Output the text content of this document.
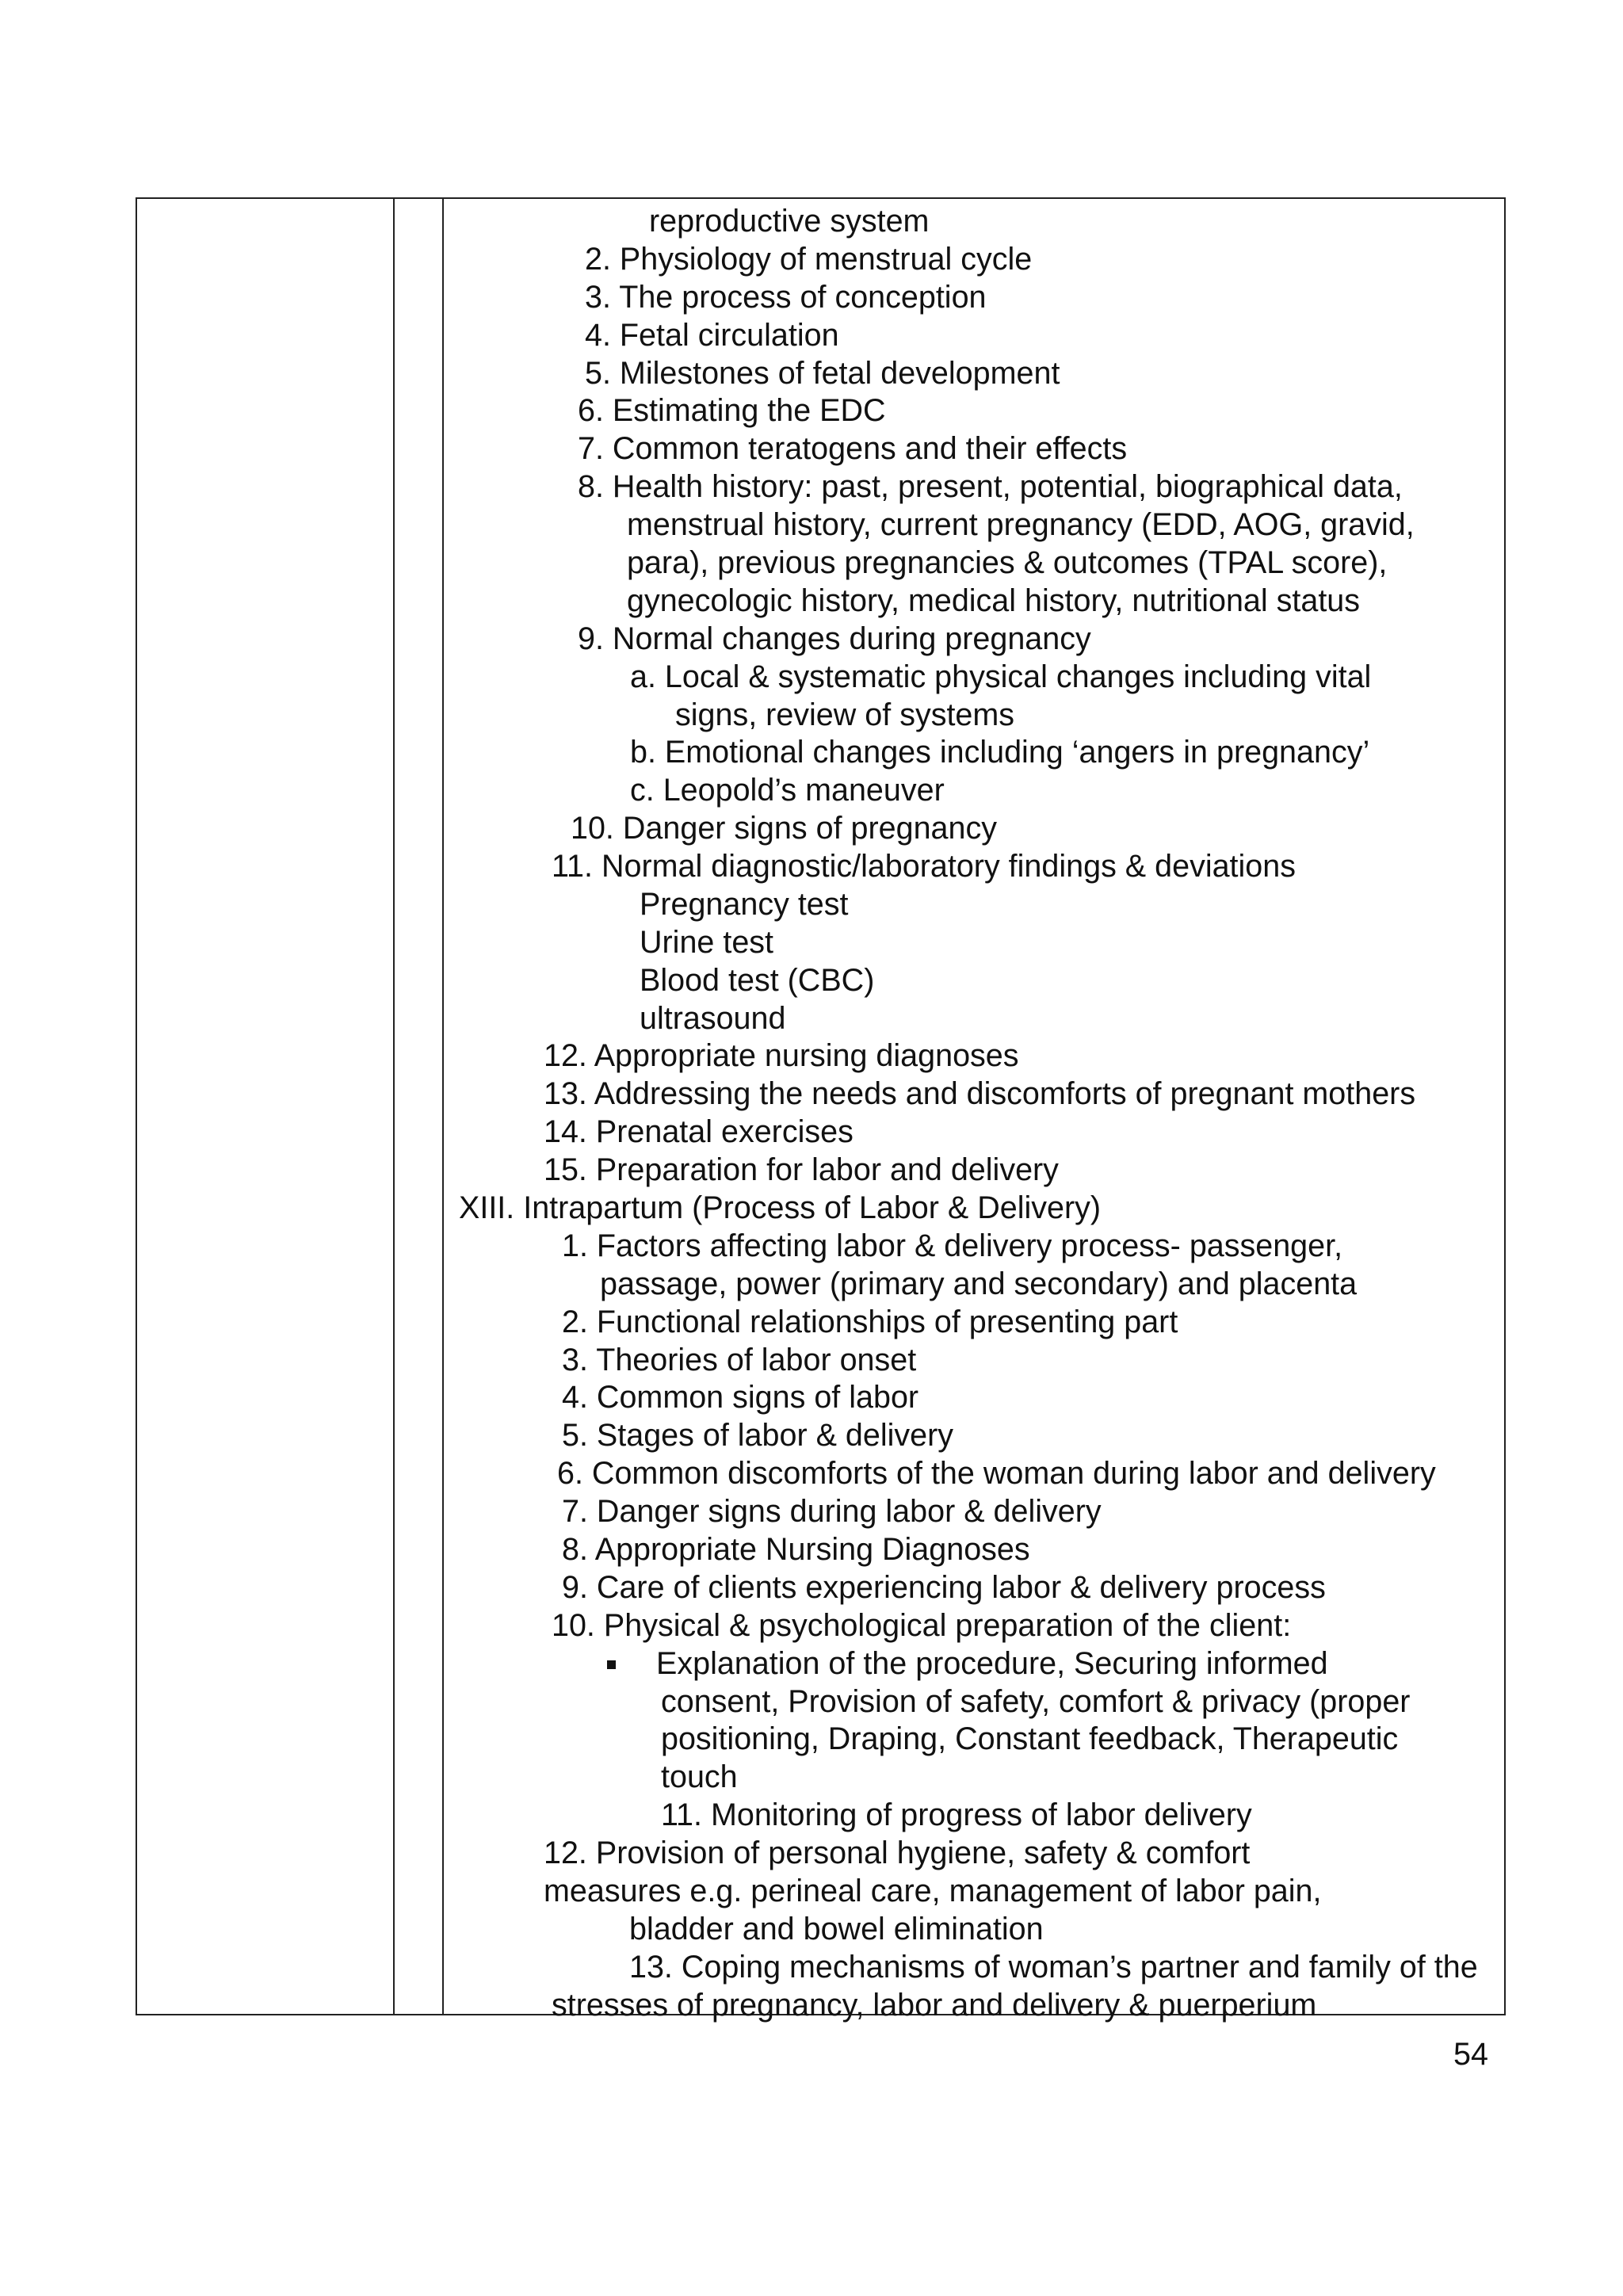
reproductive system
2. Physiology of menstrual cycle
3. The process of conception
4. Fetal circulation
5. Milestones of fetal development
6. Estimating the EDC
7. Common teratogens and their effects
8. Health history: past, present, potential, biographical data,
menstrual history, current pregnancy (EDD, AOG, gravid,
para), previous pregnancies & outcomes (TPAL score),
gynecologic history, medical history, nutritional status
9. Normal changes during pregnancy
a. Local & systematic physical changes including vital
signs, review of systems
b. Emotional changes including ‘angers in pregnancy’
c. Leopold’s maneuver
10. Danger signs of pregnancy
11. Normal diagnostic/laboratory findings & deviations
Pregnancy test
Urine test
Blood test (CBC)
ultrasound
12. Appropriate nursing diagnoses
13. Addressing the needs and discomforts of pregnant mothers
14. Prenatal exercises
15. Preparation for labor and delivery
XIII. Intrapartum (Process of Labor & Delivery)
1. Factors affecting labor & delivery process- passenger,
passage, power (primary and secondary) and placenta
2. Functional relationships of presenting part
3. Theories of labor onset
4. Common signs of labor
5. Stages of labor & delivery
6. Common discomforts of the woman during labor and delivery
7. Danger signs during labor & delivery
8. Appropriate Nursing Diagnoses
9. Care of clients experiencing labor & delivery process
10. Physical & psychological preparation of the client:
Explanation of the procedure, Securing informed
consent, Provision of safety, comfort & privacy (proper
positioning, Draping, Constant feedback, Therapeutic
touch
11. Monitoring of progress of labor delivery
12. Provision of personal hygiene, safety & comfort
measures e.g. perineal care, management of labor pain,
bladder and bowel elimination
13. Coping mechanisms of woman’s partner and family of the
stresses of pregnancy, labor and delivery & puerperium
54
